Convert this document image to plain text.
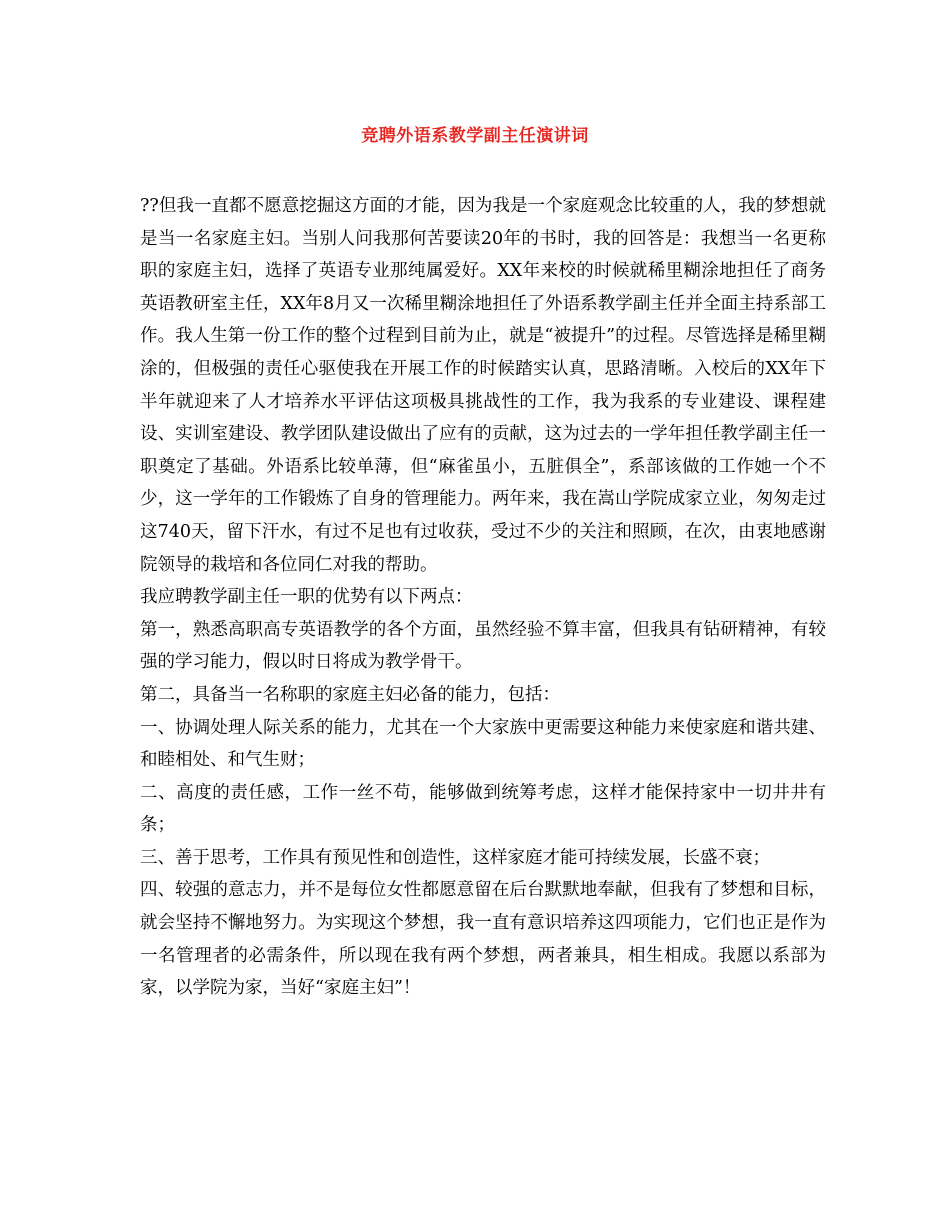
竞聘外语系教学副主任演讲词

??但我一直都不愿意挖掘这方面的才能，因为我是一个家庭观念比较重的人，我的梦想就是当一名家庭主妇。当别人问我那何苦要读20年的书时，我的回答是：我想当一名更称职的家庭主妇，选择了英语专业那纯属爱好。XX年来校的时候就稀里糊涂地担任了商务英语教研室主任，XX年8月又一次稀里糊涂地担任了外语系教学副主任并全面主持系部工作。我人生第一份工作的整个过程到目前为止，就是“被提升”的过程。尽管选择是稀里糊涂的，但极强的责任心驱使我在开展工作的时候踏实认真，思路清晰。入校后的XX年下半年就迎来了人才培养水平评估这项极具挑战性的工作，我为我系的专业建设、课程建设、实训室建设、教学团队建设做出了应有的贡献，这为过去的一学年担任教学副主任一职奠定了基础。外语系比较单薄，但“麻雀虽小，五脏俱全”，系部该做的工作她一个不少，这一学年的工作锻炼了自身的管理能力。两年来，我在嵩山学院成家立业，匆匆走过这740天，留下汗水，有过不足也有过收获，受过不少的关注和照顾，在次，由衷地感谢院领导的栽培和各位同仁对我的帮助。

我应聘教学副主任一职的优势有以下两点：

第一，熟悉高职高专英语教学的各个方面，虽然经验不算丰富，但我具有钻研精神，有较强的学习能力，假以时日将成为教学骨干。

第二，具备当一名称职的家庭主妇必备的能力，包括：

一、协调处理人际关系的能力，尤其在一个大家族中更需要这种能力来使家庭和谐共建、和睦相处、和气生财；

二、高度的责任感，工作一丝不苟，能够做到统筹考虑，这样才能保持家中一切井井有条；

三、善于思考，工作具有预见性和创造性，这样家庭才能可持续发展，长盛不衰；

四、较强的意志力，并不是每位女性都愿意留在后台默默地奉献，但我有了梦想和目标，就会坚持不懈地努力。为实现这个梦想，我一直有意识培养这四项能力，它们也正是作为一名管理者的必需条件，所以现在我有两个梦想，两者兼具，相生相成。我愿以系部为家，以学院为家，当好“家庭主妇”！
